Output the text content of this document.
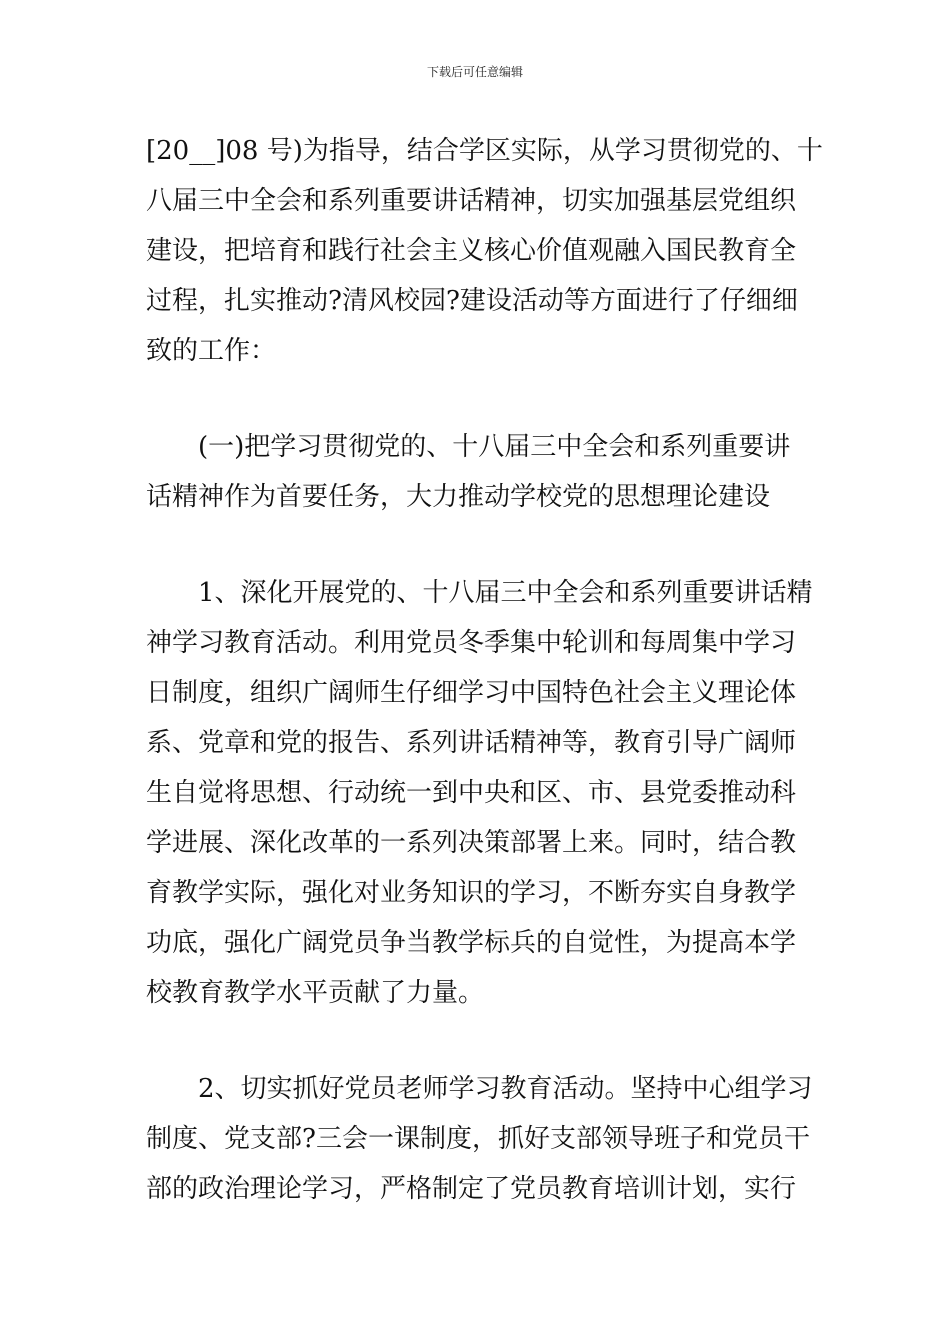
下载后可任意编辑
[20__]08 号)为指导，结合学区实际，从学习贯彻党的、十
八届三中全会和系列重要讲话精神，切实加强基层党组织
建设，把培育和践行社会主义核心价值观融入国民教育全
过程，扎实推动?清风校园?建设活动等方面进行了仔细细
致的工作：
(一)把学习贯彻党的、十八届三中全会和系列重要讲
话精神作为首要任务，大力推动学校党的思想理论建设
1、深化开展党的、十八届三中全会和系列重要讲话精
神学习教育活动。利用党员冬季集中轮训和每周集中学习
日制度，组织广阔师生仔细学习中国特色社会主义理论体
系、党章和党的报告、系列讲话精神等，教育引导广阔师
生自觉将思想、行动统一到中央和区、市、县党委推动科
学进展、深化改革的一系列决策部署上来。同时，结合教
育教学实际，强化对业务知识的学习，不断夯实自身教学
功底，强化广阔党员争当教学标兵的自觉性，为提高本学
校教育教学水平贡献了力量。
2、切实抓好党员老师学习教育活动。坚持中心组学习
制度、党支部?三会一课制度，抓好支部领导班子和党员干
部的政治理论学习，严格制定了党员教育培训计划，实行
